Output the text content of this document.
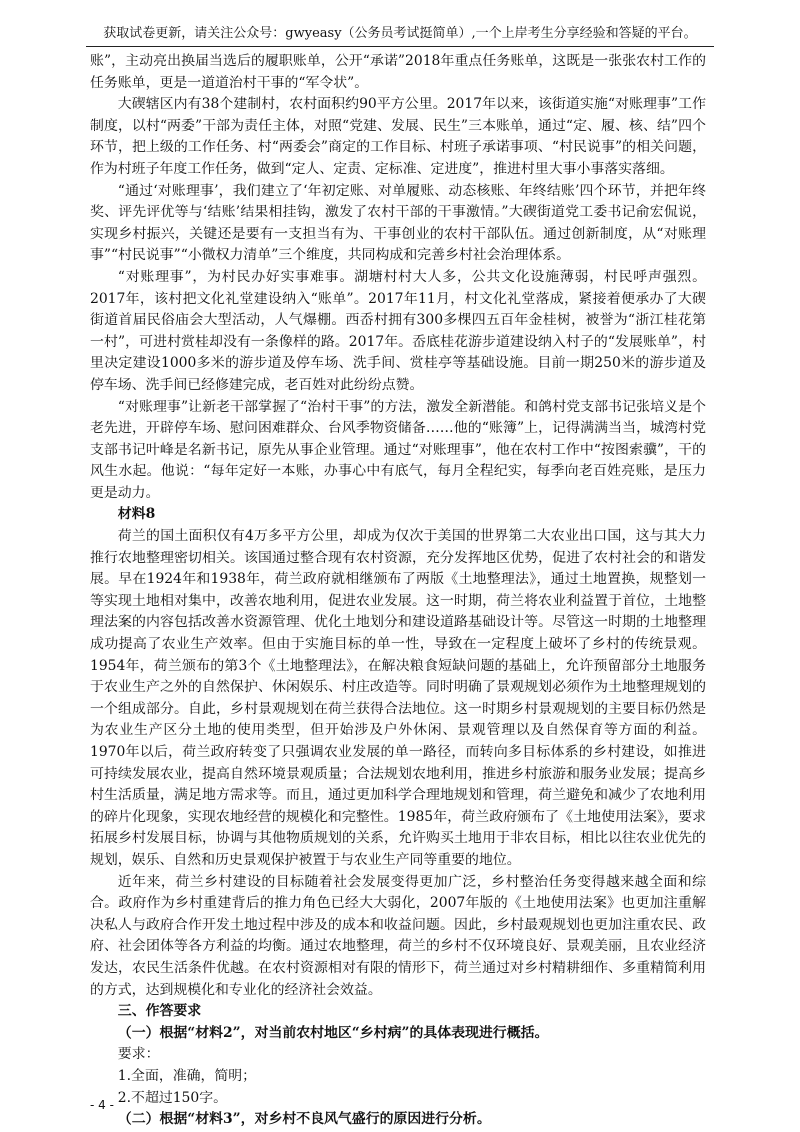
获取试卷更新，请关注公众号：gwyeasy（公务员考试挺简单）,一个上岸考生分享经验和答疑的平台。

账”，主动亮出换届当选后的履职账单，公开“承诺”2018年重点任务账单，这既是一张张农村工作的任务账单，更是一道道治村干事的“军令状”。

大碶辖区内有38个建制村，农村面积约90平方公里。2017年以来，该街道实施“对账理事”工作制度，以村“两委”干部为责任主体，对照“党建、发展、民生”三本账单，通过“定、履、核、结”四个环节，把上级的工作任务、村“两委会”商定的工作目标、村班子承诺事项、“村民说事”的相关问题，作为村班子年度工作任务，做到“定人、定责、定标准、定进度”，推进村里大事小事落实落细。

“通过‘对账理事’，我们建立了‘年初定账、对单履账、动态核账、年终结账’四个环节，并把年终奖、评先评优等与‘结账’结果相挂钩，激发了农村干部的干事激情。”大碶街道党工委书记俞宏侃说，实现乡村振兴，关键还是要有一支担当有为、干事创业的农村干部队伍。通过创新制度，从“对账理事”“村民说事”“小微权力清单”三个维度，共同构成和完善乡村社会治理体系。

“对账理事”，为村民办好实事难事。湖塘村村大人多，公共文化设施薄弱，村民呼声强烈。2017年，该村把文化礼堂建设纳入“账单”。2017年11月，村文化礼堂落成，紧接着便承办了大碶街道首届民俗庙会大型活动，人气爆棚。西岙村拥有300多棵四五百年金桂树，被誉为“浙江桂花第一村”，可进村赏桂却没有一条像样的路。2017年。岙底桂花游步道建设纳入村子的“发展账单”，村里决定建设1000多米的游步道及停车场、洗手间、赏桂亭等基础设施。目前一期250米的游步道及停车场、洗手间已经修建完成，老百姓对此纷纷点赞。

“对账理事”让新老干部掌握了“治村干事”的方法，激发全新潜能。和鸽村党支部书记张培义是个老先进，开辟停车场、慰问困难群众、台风季物资储备……他的“账簿”上，记得满满当当，城湾村党支部书记叶峰是名新书记，原先从事企业管理。通过“对账理事”，他在农村工作中“按图索骥”，干的风生水起。他说：“每年定好一本账，办事心中有底气，每月全程纪实，每季向老百姓亮账，是压力更是动力。

材料8

荷兰的国土面积仅有4万多平方公里，却成为仅次于美国的世界第二大农业出口国，这与其大力推行农地整理密切相关。该国通过整合现有农村资源，充分发挥地区优势，促进了农村社会的和谐发展。早在1924年和1938年，荷兰政府就相继颁布了两版《土地整理法》，通过土地置换，规整划一等实现土地相对集中，改善农地利用，促进农业发展。这一时期，荷兰将农业利益置于首位，土地整理法案的内容包括改善水资源管理、优化土地划分和建设道路基础设计等。尽管这一时期的土地整理成功提高了农业生产效率。但由于实施目标的单一性，导致在一定程度上破坏了乡村的传统景观。1954年，荷兰颁布的第3个《土地整理法》，在解决粮食短缺问题的基础上，允许预留部分土地服务于农业生产之外的自然保护、休闲娱乐、村庄改造等。同时明确了景观规划必须作为土地整理规划的一个组成部分。自此，乡村景观规划在荷兰获得合法地位。这一时期乡村景观规划的主要目标仍然是为农业生产区分土地的使用类型，但开始涉及户外休闲、景观管理以及自然保育等方面的利益。1970年以后，荷兰政府转变了只强调农业发展的单一路径，而转向多目标体系的乡村建设，如推进可持续发展农业，提高自然环境景观质量；合法规划农地利用，推进乡村旅游和服务业发展；提高乡村生活质量，满足地方需求等。而且，通过更加科学合理地规划和管理，荷兰避免和减少了农地利用的碎片化现象，实现农地经营的规模化和完整性。1985年，荷兰政府颁布了《土地使用法案》，要求拓展乡村发展目标，协调与其他物质规划的关系，允许购买土地用于非农目标，相比以往农业优先的规划，娱乐、自然和历史景观保护被置于与农业生产同等重要的地位。

近年来，荷兰乡村建设的目标随着社会发展变得更加广泛，乡村整治任务变得越来越全面和综合。政府作为乡村重建背后的推力角色已经大大弱化，2007年版的《土地使用法案》也更加注重解决私人与政府合作开发土地过程中涉及的成本和收益问题。因此，乡村最观规划也更加注重农民、政府、社会团体等各方利益的均衡。通过农地整理，荷兰的乡村不仅环境良好、景观美丽，且农业经济发达，农民生活条件优越。在农村资源相对有限的情形下，荷兰通过对乡村精耕细作、多重精简利用的方式，达到规模化和专业化的经济社会效益。

三、作答要求

（一）根据“材料2”，对当前农村地区“乡村病”的具体表现进行概括。

要求：

1.全面，准确，简明；

2.不超过150字。

（二）根据“材料3”，对乡村不良风气盛行的原因进行分析。

- 4 -
